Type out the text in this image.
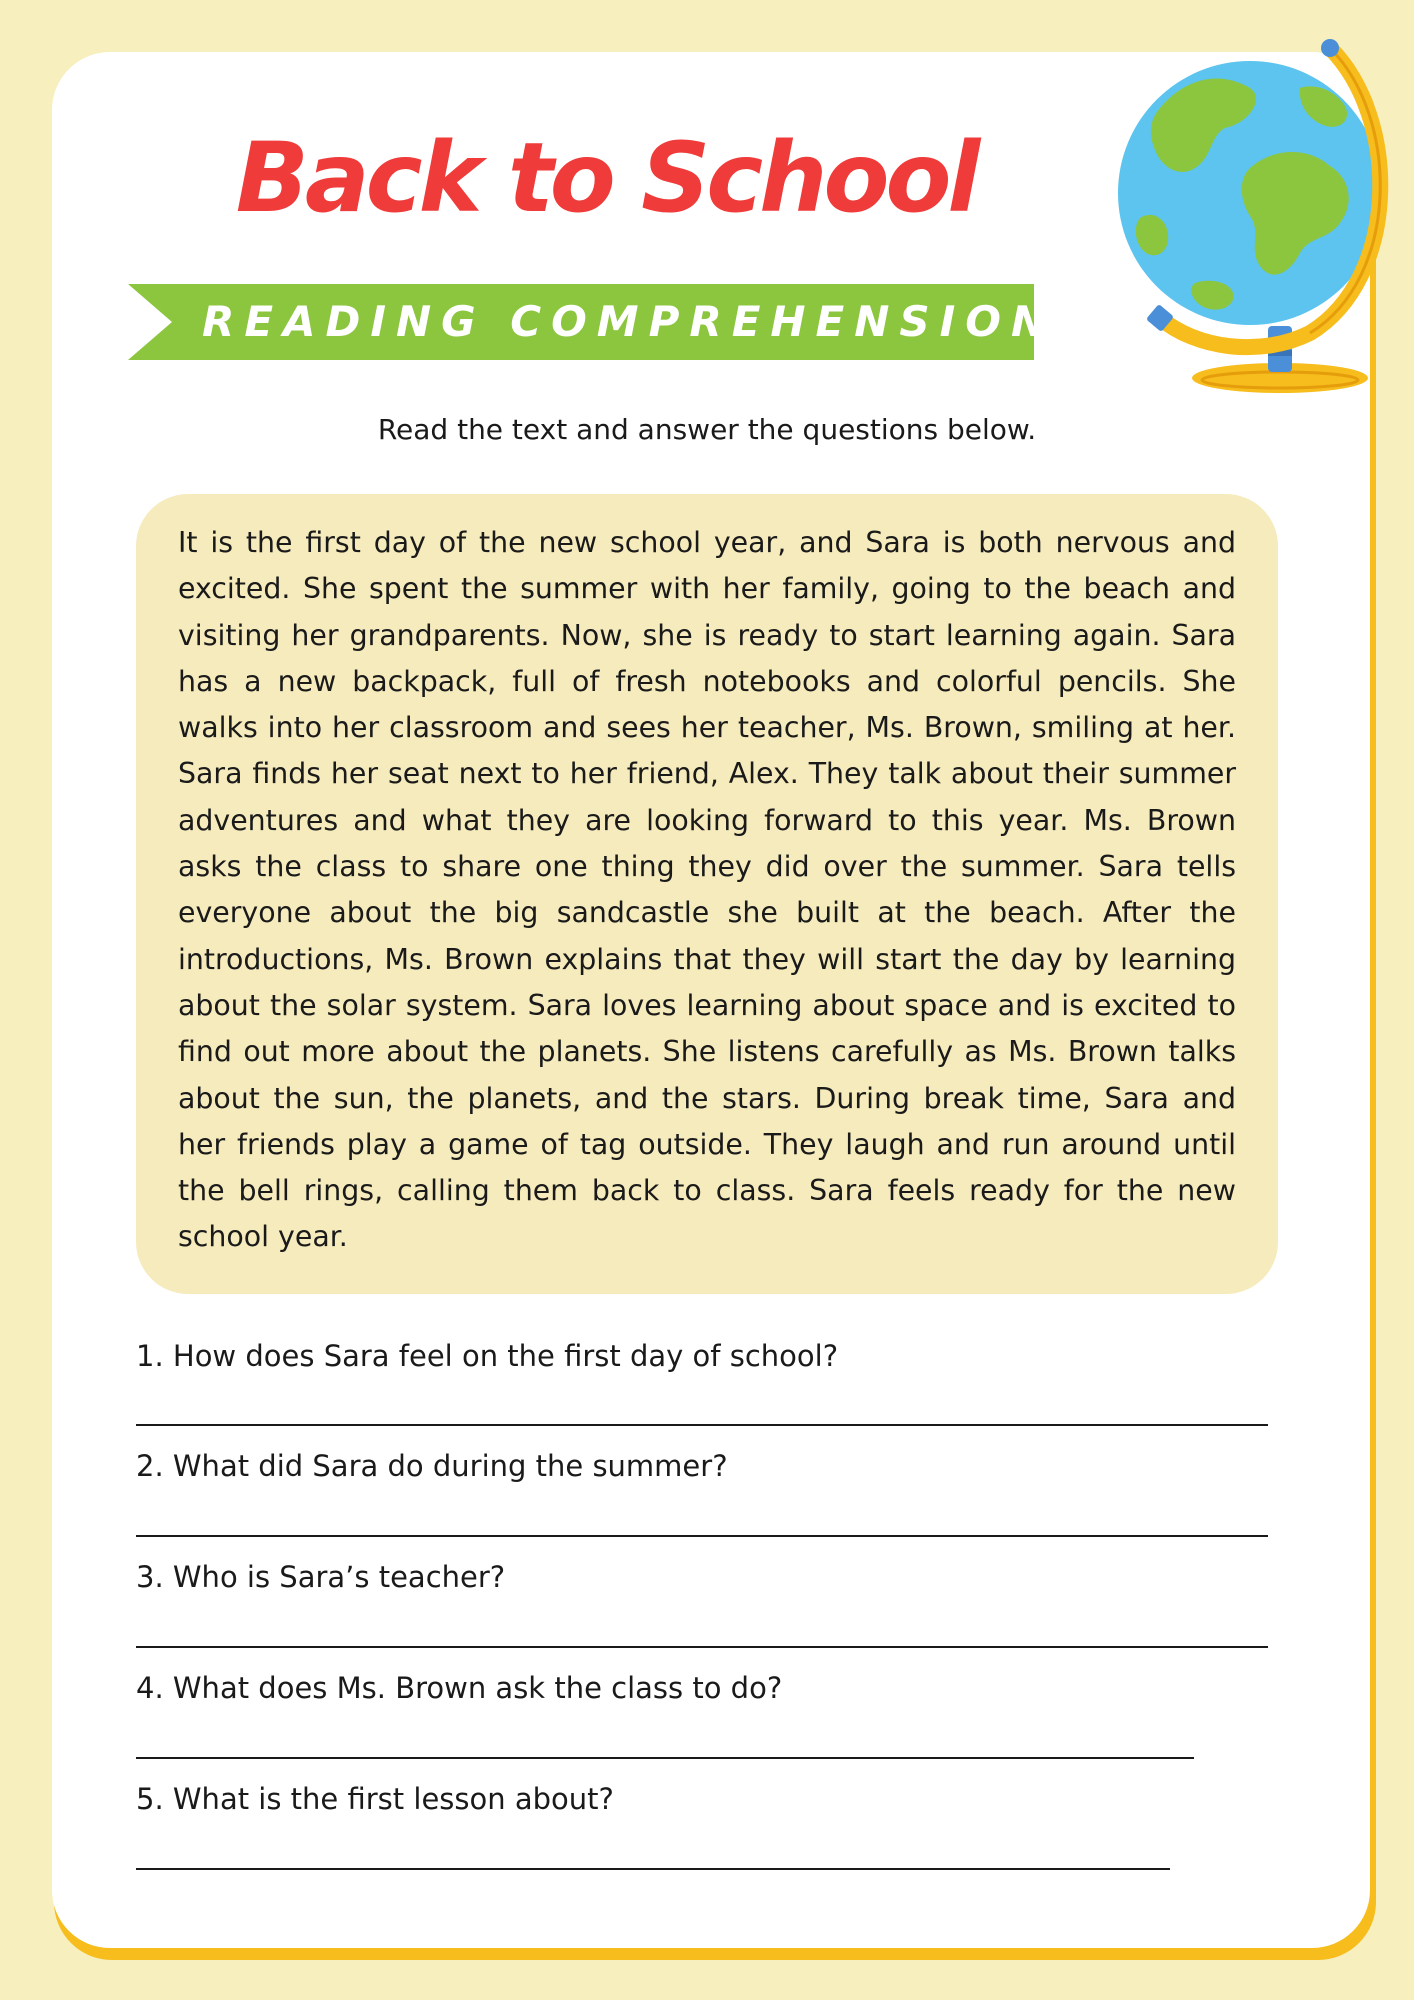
Back to School
READING COMPREHENSION

Read the text and answer the questions below.

It is the first day of the new school year, and Sara is both nervous and excited. She spent the summer with her family, going to the beach and visiting her grandparents. Now, she is ready to start learning again. Sara has a new backpack, full of fresh notebooks and colorful pencils. She walks into her classroom and sees her teacher, Ms. Brown, smiling at her. Sara finds her seat next to her friend, Alex. They talk about their summer adventures and what they are looking forward to this year. Ms. Brown asks the class to share one thing they did over the summer. Sara tells everyone about the big sandcastle she built at the beach. After the introductions, Ms. Brown explains that they will start the day by learning about the solar system. Sara loves learning about space and is excited to find out more about the planets. She listens carefully as Ms. Brown talks about the sun, the planets, and the stars. During break time, Sara and her friends play a game of tag outside. They laugh and run around until the bell rings, calling them back to class. Sara feels ready for the new school year.

1. How does Sara feel on the first day of school?

2. What did Sara do during the summer?

3. Who is Sara’s teacher?

4. What does Ms. Brown ask the class to do?

5. What is the first lesson about?
